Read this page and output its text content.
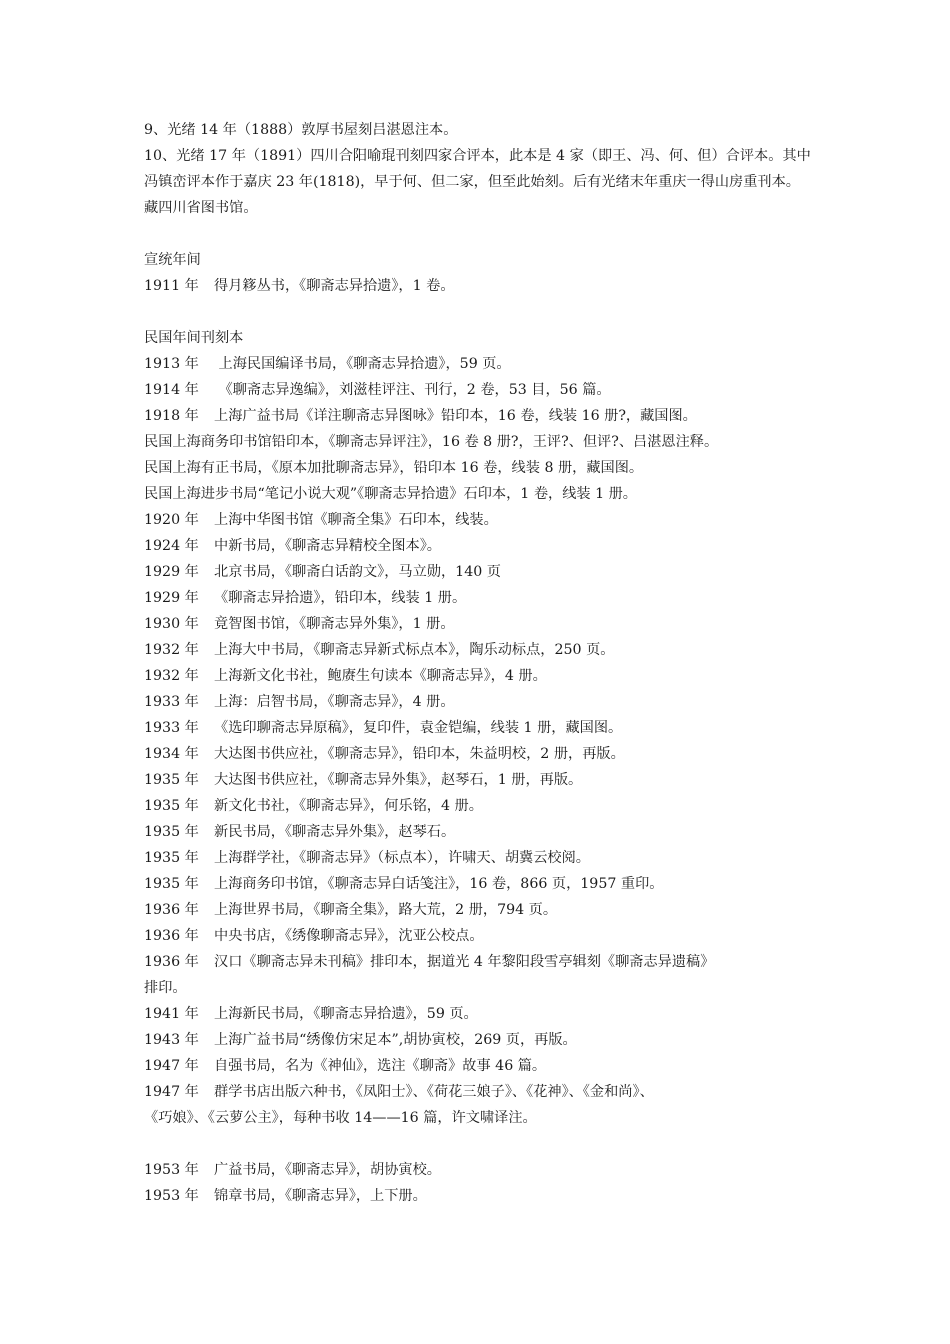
9、光绪 14 年（1888）敦厚书屋刻吕湛恩注本。
10、光绪 17 年（1891）四川合阳喻琨刊刻四家合评本，此本是 4 家（即王、冯、何、但）合评本。其中冯镇峦评本作于嘉庆 23 年(1818)，早于何、但二家，但至此始刻。后有光绪末年重庆一得山房重刊本。藏四川省图书馆。
宣统年间
1911 年 得月簃丛书，《聊斋志异拾遗》，1 卷。
民国年间刊刻本
1913 年 上海民国编译书局，《聊斋志异拾遗》，59 页。
1914 年 《聊斋志异逸编》，刘滋桂评注、刊行，2 卷，53 目，56 篇。
1918 年 上海广益书局《详注聊斋志异图咏》铅印本，16 卷，线装 16 册?，藏国图。
民国上海商务印书馆铅印本，《聊斋志异评注》，16 卷 8 册?，王评?、但评?、吕湛恩注释。
民国上海有正书局，《原本加批聊斋志异》，铅印本 16 卷，线装 8 册，藏国图。
民国上海进步书局“笔记小说大观”《聊斋志异拾遗》石印本，1 卷，线装 1 册。
1920 年 上海中华图书馆《聊斋全集》石印本，线装。
1924 年 中新书局，《聊斋志异精校全图本》。
1929 年 北京书局，《聊斋白话韵文》，马立勋，140 页
1929 年 《聊斋志异拾遗》，铅印本，线装 1 册。
1930 年 竟智图书馆，《聊斋志异外集》，1 册。
1932 年 上海大中书局，《聊斋志异新式标点本》，陶乐动标点，250 页。
1932 年 上海新文化书社，鲍赓生句读本《聊斋志异》，4 册。
1933 年 上海：启智书局，《聊斋志异》，4 册。
1933 年 《选印聊斋志异原稿》，复印件，袁金铠编，线装 1 册，藏国图。
1934 年 大达图书供应社，《聊斋志异》，铅印本，朱益明校，2 册，再版。
1935 年 大达图书供应社，《聊斋志异外集》，赵琴石，1 册，再版。
1935 年 新文化书社，《聊斋志异》，何乐铭，4 册。
1935 年 新民书局，《聊斋志异外集》，赵琴石。
1935 年 上海群学社，《聊斋志异》（标点本），许啸天、胡冀云校阅。
1935 年 上海商务印书馆，《聊斋志异白话笺注》，16 卷，866 页，1957 重印。
1936 年 上海世界书局，《聊斋全集》，路大荒，2 册，794 页。
1936 年 中央书店，《绣像聊斋志异》，沈亚公校点。
1936 年 汉口《聊斋志异未刊稿》排印本，据道光 4 年黎阳段雪亭辑刻《聊斋志异遗稿》
排印。
1941 年 上海新民书局，《聊斋志异拾遗》，59 页。
1943 年 上海广益书局“绣像仿宋足本”,胡协寅校，269 页，再版。
1947 年 自强书局，名为《神仙》，选注《聊斋》故事 46 篇。
1947 年 群学书店出版六种书，《凤阳士》、《荷花三娘子》、《花神》、《金和尚》、
《巧娘》、《云萝公主》，每种书收 14——16 篇，许文啸译注。
1953 年 广益书局，《聊斋志异》，胡协寅校。
1953 年 锦章书局，《聊斋志异》，上下册。
